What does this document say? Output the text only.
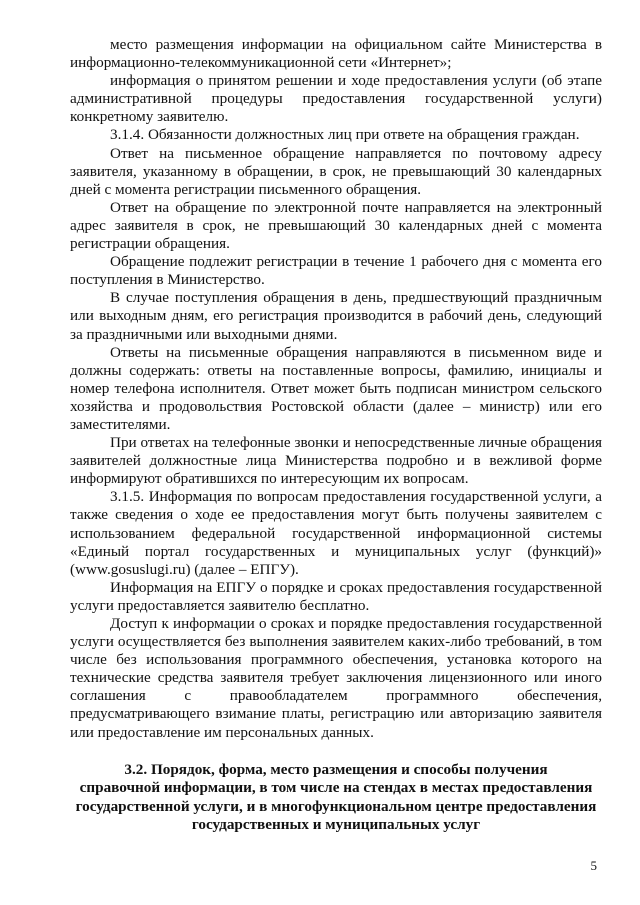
место размещения информации на официальном сайте Министерства в информационно-телекоммуникационной сети «Интернет»;

информация о принятом решении и ходе предоставления услуги (об этапе административной процедуры предоставления государственной услуги) конкретному заявителю.

3.1.4. Обязанности должностных лиц при ответе на обращения граждан.

Ответ на письменное обращение направляется по почтовому адресу заявителя, указанному в обращении, в срок, не превышающий 30 календарных дней с момента регистрации письменного обращения.

Ответ на обращение по электронной почте направляется на электронный адрес заявителя в срок, не превышающий 30 календарных дней с момента регистрации обращения.

Обращение подлежит регистрации в течение 1 рабочего дня с момента его поступления в Министерство.

В случае поступления обращения в день, предшествующий праздничным или выходным дням, его регистрация производится в рабочий день, следующий за праздничными или выходными днями.

Ответы на письменные обращения направляются в письменном виде и должны содержать: ответы на поставленные вопросы, фамилию, инициалы и номер телефона исполнителя. Ответ может быть подписан министром сельского хозяйства и продовольствия Ростовской области (далее – министр) или его заместителями.

При ответах на телефонные звонки и непосредственные личные обращения заявителей должностные лица Министерства подробно и в вежливой форме информируют обратившихся по интересующим их вопросам.

3.1.5. Информация по вопросам предоставления государственной услуги, а также сведения о ходе ее предоставления могут быть получены заявителем с использованием федеральной государственной информационной системы «Единый портал государственных и муниципальных услуг (функций)» (www.gosuslugi.ru) (далее – ЕПГУ).

Информация на ЕПГУ о порядке и сроках предоставления государственной услуги предоставляется заявителю бесплатно.

Доступ к информации о сроках и порядке предоставления государственной услуги осуществляется без выполнения заявителем каких-либо требований, в том числе без использования программного обеспечения, установка которого на технические средства заявителя требует заключения лицензионного или иного соглашения с правообладателем программного обеспечения, предусматривающего взимание платы, регистрацию или авторизацию заявителя или предоставление им персональных данных.

3.2. Порядок, форма, место размещения и способы получения
справочной информации, в том числе на стендах в местах предоставления
государственной услуги, и в многофункциональном центре предоставления
государственных и муниципальных услуг
5
